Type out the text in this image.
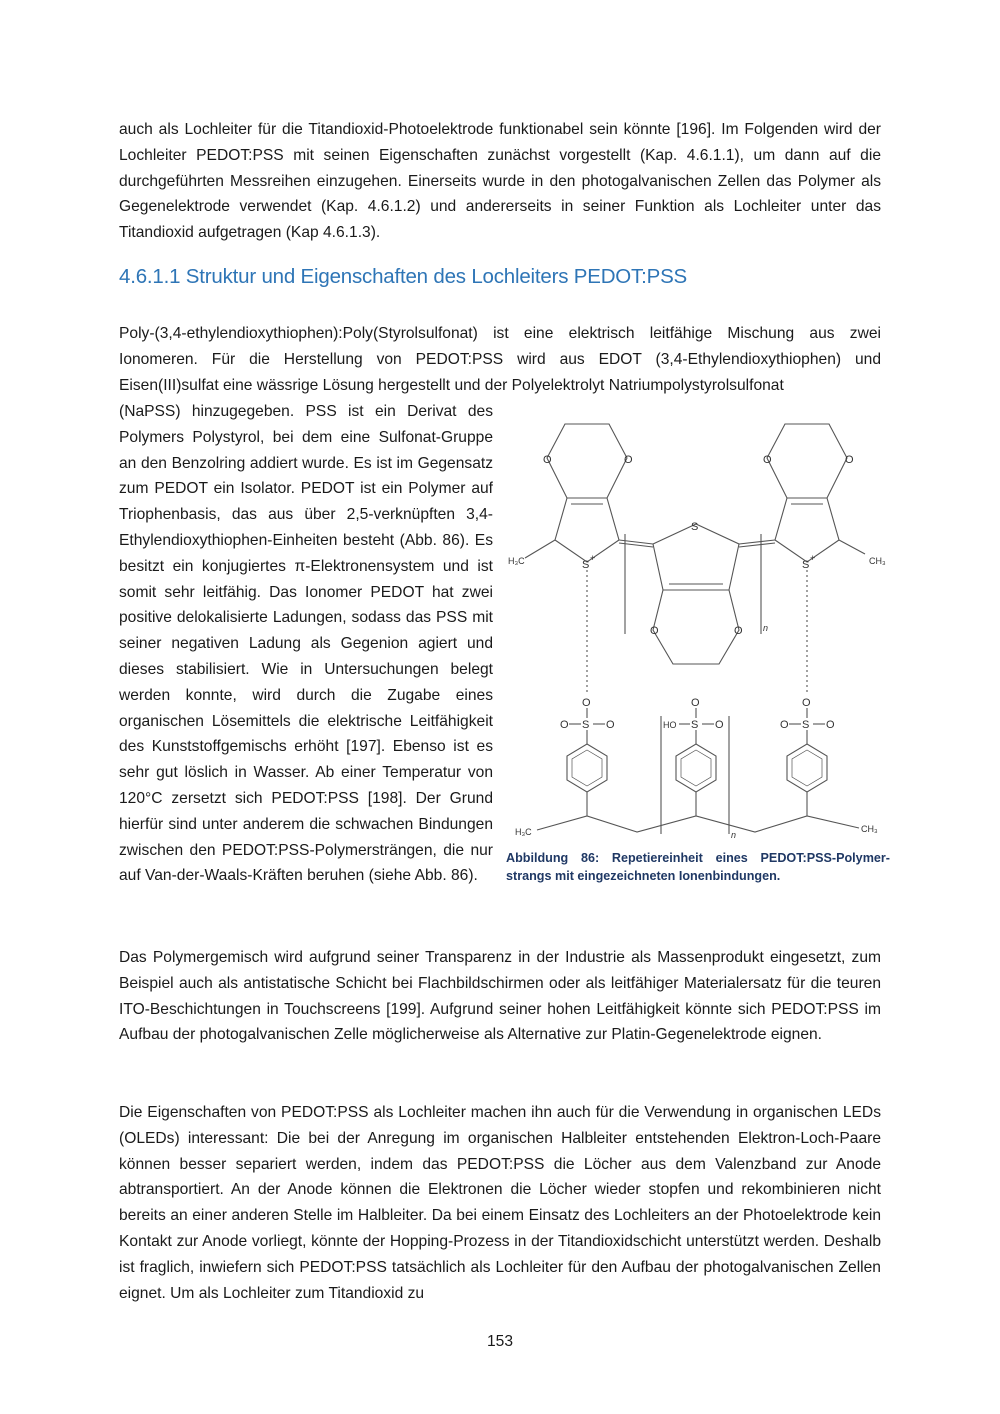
auch als Lochleiter für die Titandioxid-Photoelektrode funktionabel sein könnte [196]. Im Folgenden wird der Lochleiter PEDOT:PSS mit seinen Eigenschaften zunächst vorgestellt (Kap. 4.6.1.1), um dann auf die durchgeführten Messreihen einzugehen. Einerseits wurde in den photogalvanischen Zellen das Polymer als Gegenelektrode verwendet (Kap. 4.6.1.2) und andererseits in seiner Funktion als Lochleiter unter das Titandioxid aufgetragen (Kap 4.6.1.3).

4.6.1.1 Struktur und Eigenschaften des Lochleiters PEDOT:PSS

Poly-(3,4-ethylendioxythiophen):Poly(Styrolsulfonat) ist eine elektrisch leitfähige Mischung aus zwei Ionomeren. Für die Herstellung von PEDOT:PSS wird aus EDOT (3,4-Ethylendioxythiophen) und Eisen(III)sulfat eine wässrige Lösung hergestellt und der Polyelektrolyt Natriumpolystyrolsulfonat

(NaPSS) hinzugegeben. PSS ist ein Derivat des Polymers Polystyrol, bei dem eine Sulfonat-Gruppe an den Benzolring addiert wurde. Es ist im Gegensatz zum PEDOT ein Isolator. PEDOT ist ein Polymer auf Triophenbasis, das aus über 2,5-verknüpften 3,4-Ethylendioxythiophen-Einheiten besteht (Abb. 86). Es besitzt ein konjugiertes π-Elektronensystem und ist somit sehr leitfähig. Das Ionomer PEDOT hat zwei positive delokalisierte Ladungen, sodass das PSS mit seiner negativen Ladung als Gegenion agiert und dieses stabilisiert. Wie in Untersuchungen belegt werden konnte, wird durch die Zugabe eines organischen Lösemittels die elektrische Leitfähigkeit des Kunststoffgemischs erhöht [197]. Ebenso ist es sehr gut löslich in Wasser. Ab einer Temperatur von 120°C zersetzt sich PEDOT:PSS [198]. Der Grund hierfür sind unter anderem die schwachen Bindungen zwischen den PEDOT:PSS-Polymersträngen, die nur auf Van-der-Waals-Kräften beruhen (siehe Abb. 86).

Das Polymergemisch wird aufgrund seiner Transparenz in der Industrie als Massenprodukt eingesetzt, zum Beispiel auch als antistatische Schicht bei Flachbildschirmen oder als leitfähiger Materialersatz für die teuren ITO-Beschichtungen in Touchscreens [199]. Aufgrund seiner hohen Leitfähigkeit könnte sich PEDOT:PSS im Aufbau der photogalvanischen Zelle möglicherweise als Alternative zur Platin-Gegenelektrode eignen.

Die Eigenschaften von PEDOT:PSS als Lochleiter machen ihn auch für die Verwendung in organischen LEDs (OLEDs) interessant: Die bei der Anregung im organischen Halbleiter entstehenden Elektron-Loch-Paare können besser separiert werden, indem das PEDOT:PSS die Löcher aus dem Valenzband zur Anode abtransportiert. An der Anode können die Elektronen die Löcher wieder stopfen und rekombinieren nicht bereits an einer anderen Stelle im Halbleiter. Da bei einem Einsatz des Lochleiters an der Photoelektrode kein Kontakt zur Anode vorliegt, könnte der Hopping-Prozess in der Titandioxidschicht unterstützt werden. Deshalb ist fraglich, inwiefern sich PEDOT:PSS tatsächlich als Lochleiter für den Aufbau der photogalvanischen Zellen eignet. Um als Lochleiter zum Titandioxid zu

O	O	O	O
O	O
S
S	S
O	O	O
S	S	S
O	O	O	O	O
+	+
H₃C	CH₃
H₃C	CH₃
n
n
HO

Abbildung 86: Repetiereinheit eines PEDOT:PSS-Polymer-strangs mit eingezeichneten Ionenbindungen.

153
